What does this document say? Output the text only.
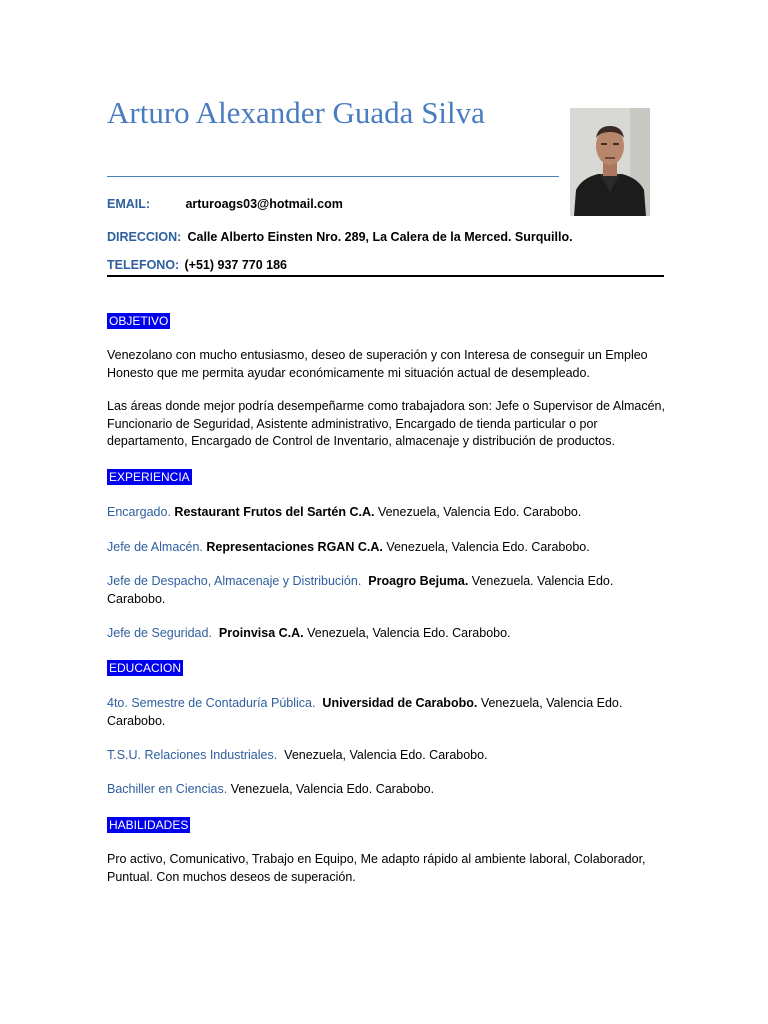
Arturo Alexander Guada Silva
EMAIL:	arturoags03@hotmail.com
DIRECCION: Calle Alberto Einsten Nro. 289, La Calera de la Merced. Surquillo.
TELEFONO: (+51) 937 770 186
OBJETIVO

Venezolano con mucho entusiasmo, deseo de superación y con Interesa de conseguir un Empleo Honesto que me permita ayudar económicamente mi situación actual de desempleado.

Las áreas donde mejor podría desempeñarme como trabajadora son: Jefe o Supervisor de Almacén, Funcionario de Seguridad, Asistente administrativo, Encargado de tienda particular o por departamento, Encargado de Control de Inventario, almacenaje y distribución de productos.

EXPERIENCIA

Encargado. Restaurant Frutos del Sartén C.A. Venezuela, Valencia Edo. Carabobo.

Jefe de Almacén. Representaciones RGAN C.A. Venezuela, Valencia Edo. Carabobo.

Jefe de Despacho, Almacenaje y Distribución. Proagro Bejuma. Venezuela. Valencia Edo. Carabobo.

Jefe de Seguridad. Proinvisa C.A. Venezuela, Valencia Edo. Carabobo.

EDUCACION

4to. Semestre de Contaduría Pública. Universidad de Carabobo. Venezuela, Valencia Edo. Carabobo.

T.S.U. Relaciones Industriales. Venezuela, Valencia Edo. Carabobo.

Bachiller en Ciencias. Venezuela, Valencia Edo. Carabobo.

HABILIDADES

Pro activo, Comunicativo, Trabajo en Equipo, Me adapto rápido al ambiente laboral, Colaborador, Puntual. Con muchos deseos de superación.
